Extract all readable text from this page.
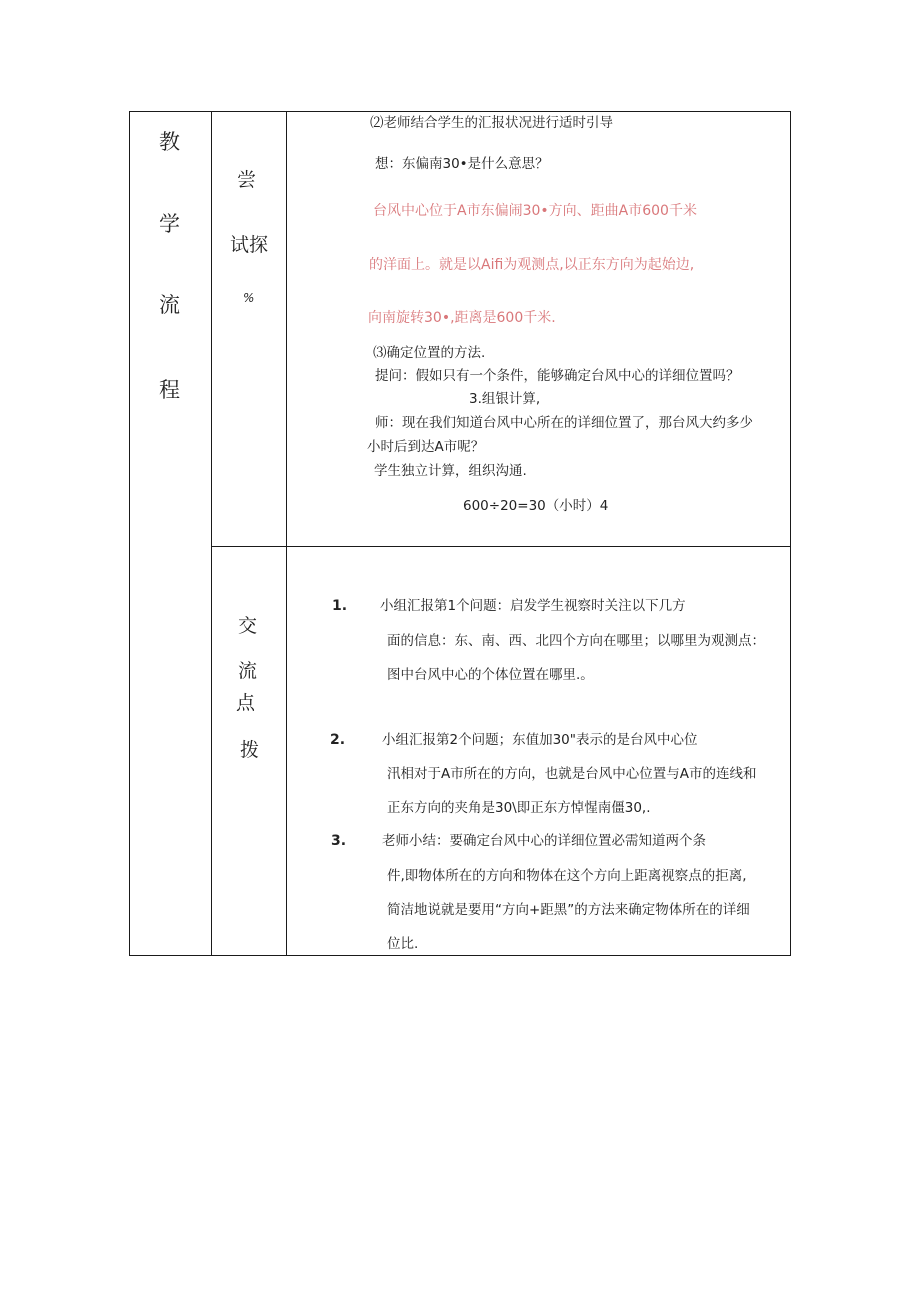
教
学
流
程
尝
试探
%
交
流
点
拨
⑵老师结合学生的汇报状况进行适时引导
想：东偏南30•是什么意思？
台风中心位于A市东偏闹30•方向、距曲A市600千米
的洋面上。就是以Aifi为观测点,以正东方向为起始边,
向南旋转30•,距离是600千米.
⑶确定位置的方法.
提问：假如只有一个条件，能够确定台风中心的详细位置吗？
3.组银计算,
师：现在我们知道台风中心所在的详细位置了，那台风大约多少
小时后到达A市呢？
学生独立计算，组织沟通.
600÷20=30（小时）4
1. 小组汇报第1个问题：启发学生视察时关注以下几方
面的信息：东、南、西、北四个方向在哪里；以哪里为观测点：
图中台风中心的个体位置在哪里.。
2.	小组汇报第2个问题；东值加30"表示的是台风中心位
汛相对于A市所在的方向，也就是台风中心位置与A市的连线和
正东方向的夹角是30\即正东方悼惺南僵30,.
3.	老师小结：要确定台风中心的详细位置必需知道两个条
件,即物体所在的方向和物体在这个方向上距离视察点的拒离,
简洁地说就是要用“方向+距黑”的方法来确定物体所在的详细
位比.
